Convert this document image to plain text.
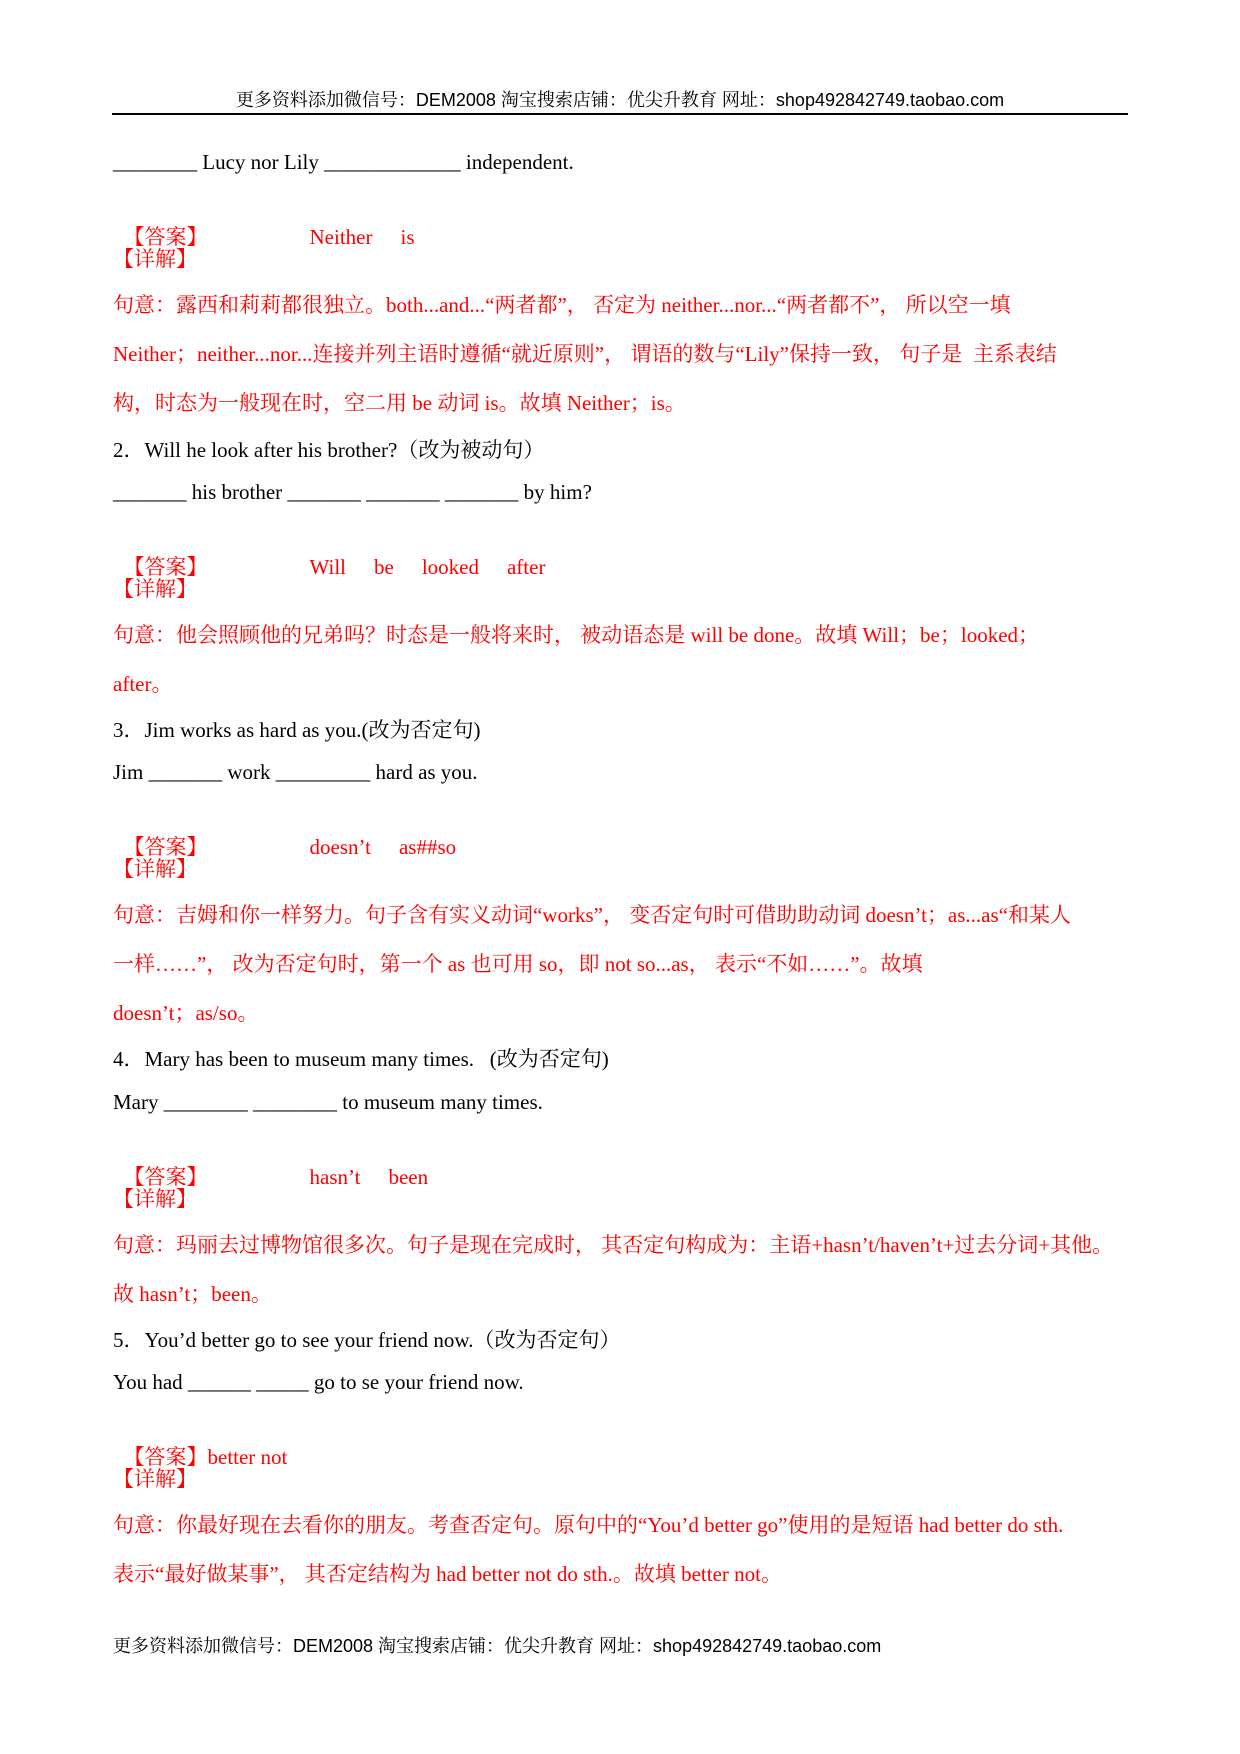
更多资料添加微信号：DEM2008 淘宝搜索店铺：优尖升教育 网址：shop492842749.taobao.com
________ Lucy nor Lily _____________ independent.

【答案】	Neither is

【详解】
句意：露西和莉莉都很独立。both...and...“两者都”， 否定为 neither...nor...“两者都不”， 所以空一填
Neither；neither...nor...连接并列主语时遵循“就近原则”， 谓语的数与“Lily”保持一致， 句子是  主系表结
构，时态为一般现在时，空二用 be 动词 is。故填 Neither；is。
2．Will he look after his brother?（改为被动句）
_______ his brother _______ _______ _______ by him?

【答案】	Will be looked after

【详解】
句意：他会照顾他的兄弟吗？时态是一般将来时， 被动语态是 will be done。故填 Will；be；looked；
after。
3．Jim works as hard as you.(改为否定句)
Jim _______ work _________ hard as you.

【答案】	doesn’t as##so

【详解】
句意：吉姆和你一样努力。句子含有实义动词“works”， 变否定句时可借助助动词 doesn’t；as...as“和某人
一样……”， 改为否定句时，第一个 as 也可用 so，即 not so...as， 表示“不如……”。故填
doesn’t；as/so。
4．Mary has been to museum many times.   (改为否定句)
Mary ________ ________ to museum many times.

【答案】	hasn’t been

【详解】
句意：玛丽去过博物馆很多次。句子是现在完成时， 其否定句构成为：主语+hasn’t/haven’t+过去分词+其他。
故 hasn’t；been。
5．You’d better go to see your friend now.（改为否定句）
You had ______ _____ go to se your friend now.

【答案】better not

【详解】
句意：你最好现在去看你的朋友。考查否定句。原句中的“You’d better go”使用的是短语 had better do sth.
表示“最好做某事”， 其否定结构为 had better not do sth.。故填 better not。
更多资料添加微信号：DEM2008 淘宝搜索店铺：优尖升教育 网址：shop492842749.taobao.com
